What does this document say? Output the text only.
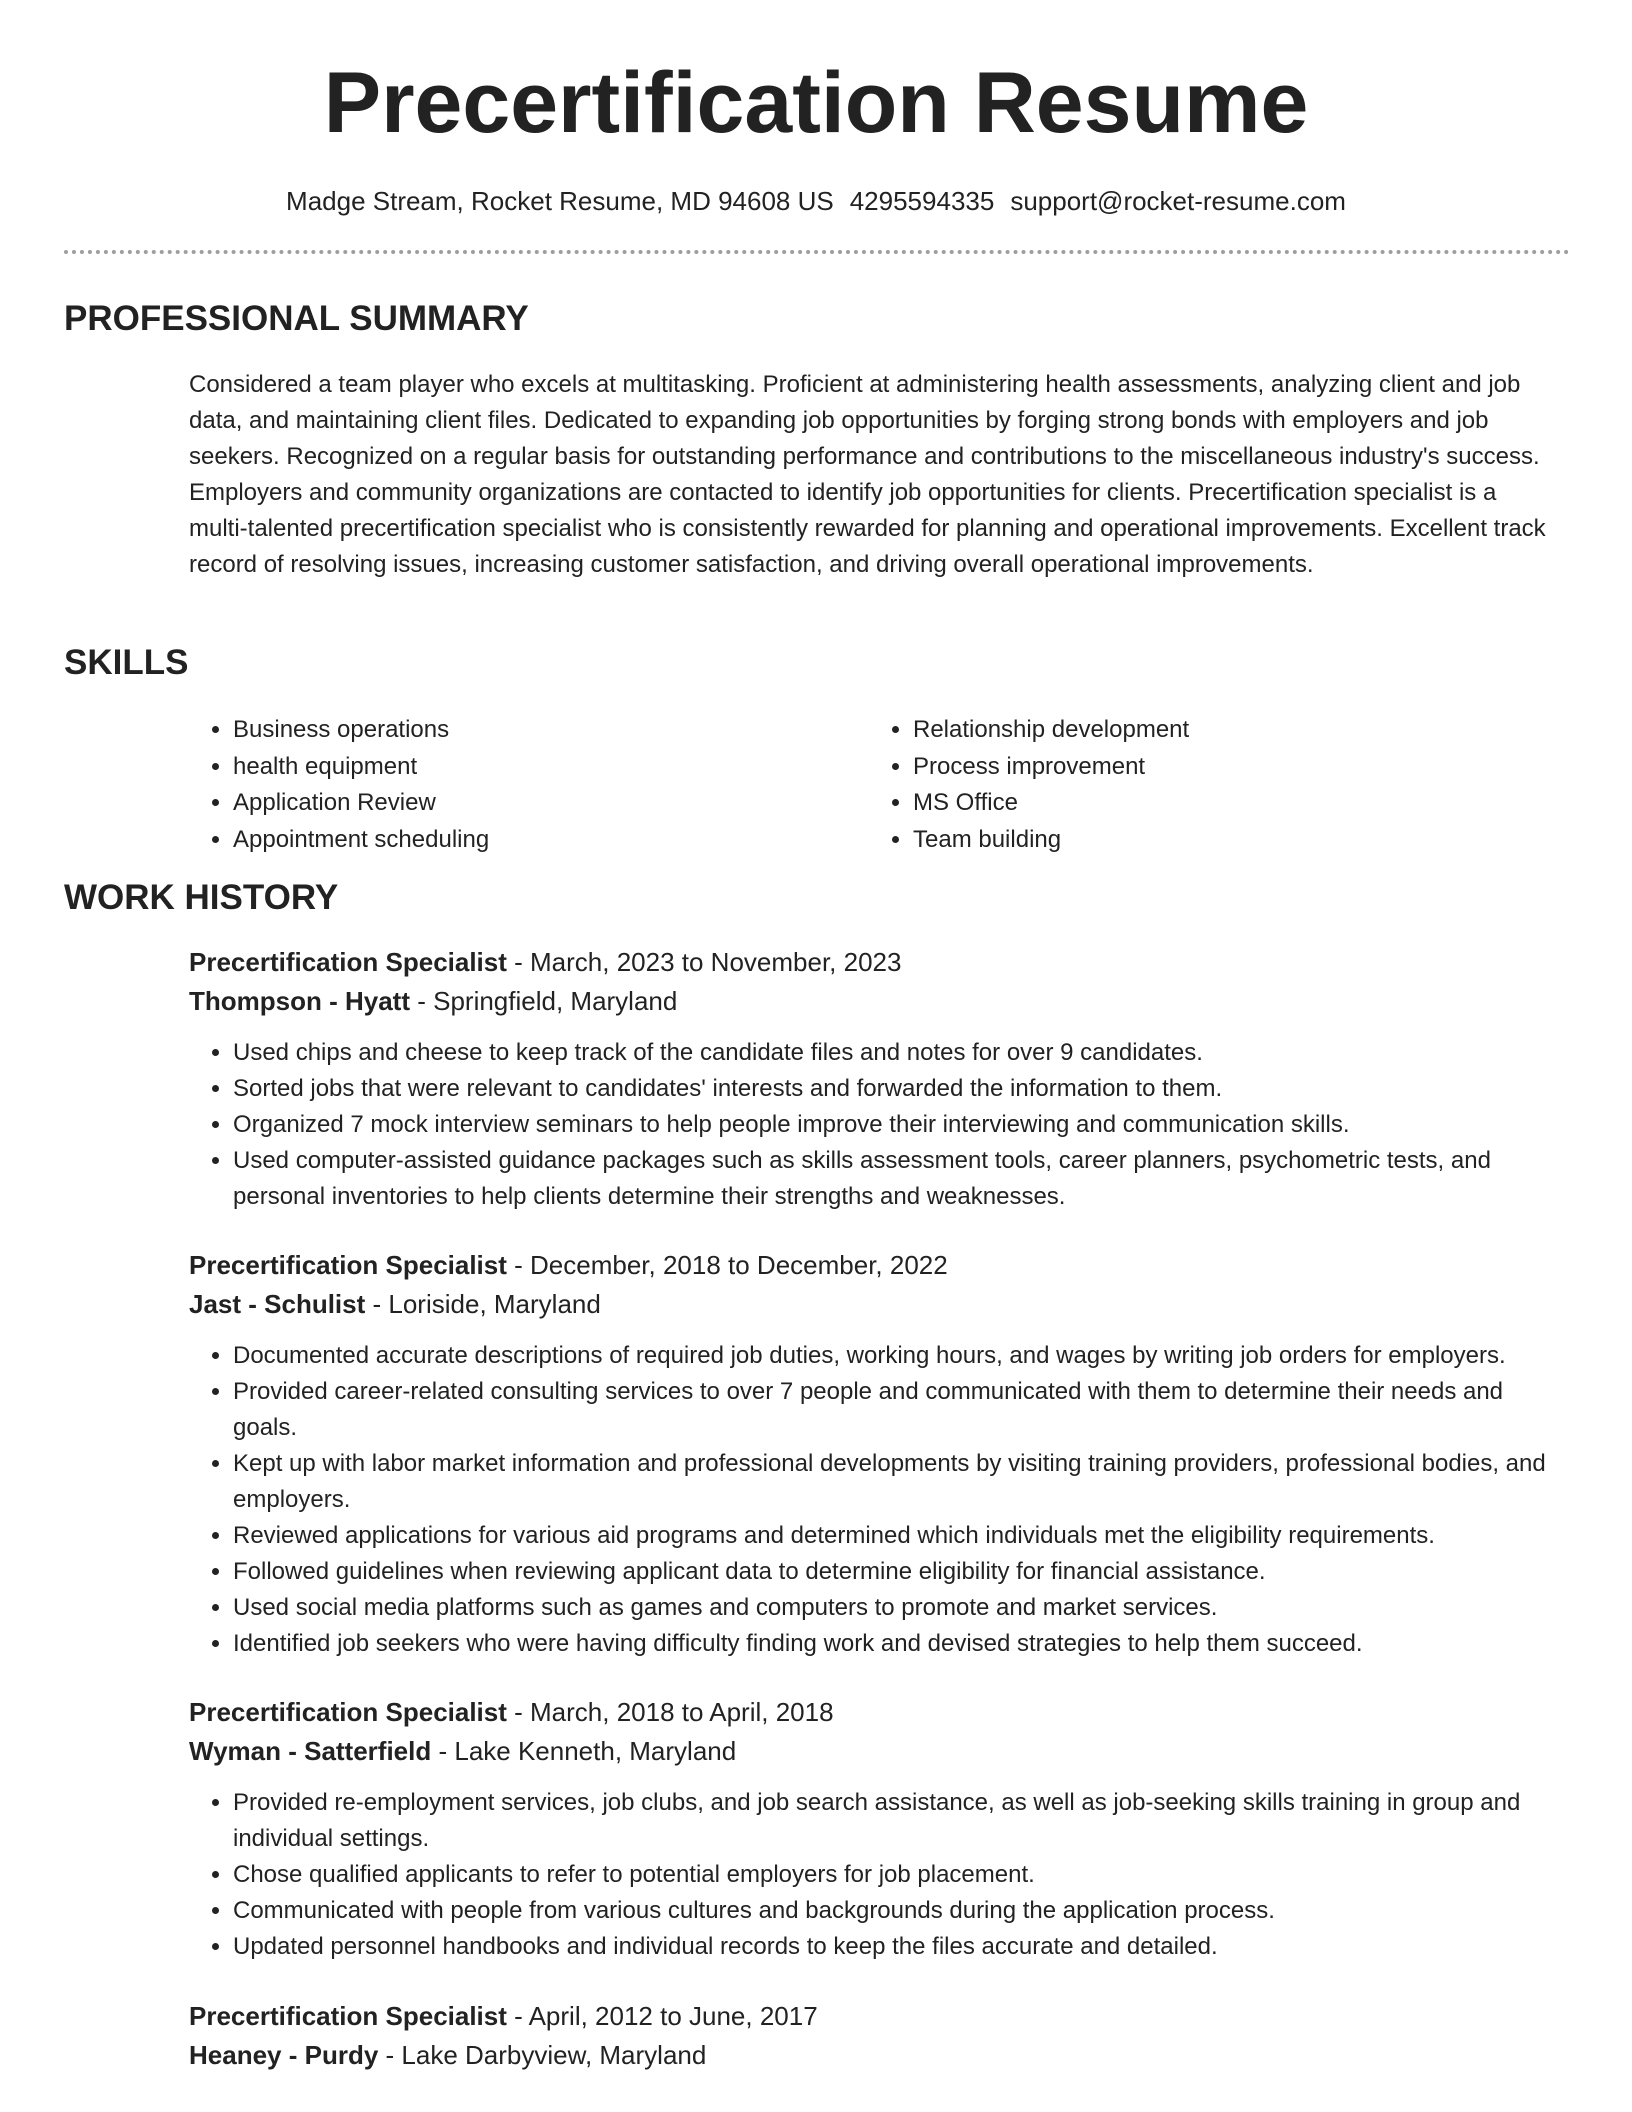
Precertification Resume
Madge Stream, Rocket Resume, MD 94608 US 4295594335 support@rocket-resume.com
PROFESSIONAL SUMMARY
Considered a team player who excels at multitasking. Proficient at administering health assessments, analyzing client and job data, and maintaining client files. Dedicated to expanding job opportunities by forging strong bonds with employers and job seekers. Recognized on a regular basis for outstanding performance and contributions to the miscellaneous industry's success. Employers and community organizations are contacted to identify job opportunities for clients. Precertification specialist is a multi-talented precertification specialist who is consistently rewarded for planning and operational improvements. Excellent track record of resolving issues, increasing customer satisfaction, and driving overall operational improvements.
SKILLS
• Business operations
• health equipment
• Application Review
• Appointment scheduling
• Relationship development
• Process improvement
• MS Office
• Team building
WORK HISTORY
Precertification Specialist - March, 2023 to November, 2023
Thompson - Hyatt - Springfield, Maryland
• Used chips and cheese to keep track of the candidate files and notes for over 9 candidates.
• Sorted jobs that were relevant to candidates' interests and forwarded the information to them.
• Organized 7 mock interview seminars to help people improve their interviewing and communication skills.
• Used computer-assisted guidance packages such as skills assessment tools, career planners, psychometric tests, and personal inventories to help clients determine their strengths and weaknesses.
Precertification Specialist - December, 2018 to December, 2022
Jast - Schulist - Loriside, Maryland
• Documented accurate descriptions of required job duties, working hours, and wages by writing job orders for employers.
• Provided career-related consulting services to over 7 people and communicated with them to determine their needs and goals.
• Kept up with labor market information and professional developments by visiting training providers, professional bodies, and employers.
• Reviewed applications for various aid programs and determined which individuals met the eligibility requirements.
• Followed guidelines when reviewing applicant data to determine eligibility for financial assistance.
• Used social media platforms such as games and computers to promote and market services.
• Identified job seekers who were having difficulty finding work and devised strategies to help them succeed.
Precertification Specialist - March, 2018 to April, 2018
Wyman - Satterfield - Lake Kenneth, Maryland
• Provided re-employment services, job clubs, and job search assistance, as well as job-seeking skills training in group and individual settings.
• Chose qualified applicants to refer to potential employers for job placement.
• Communicated with people from various cultures and backgrounds during the application process.
• Updated personnel handbooks and individual records to keep the files accurate and detailed.
Precertification Specialist - April, 2012 to June, 2017
Heaney - Purdy - Lake Darbyview, Maryland
